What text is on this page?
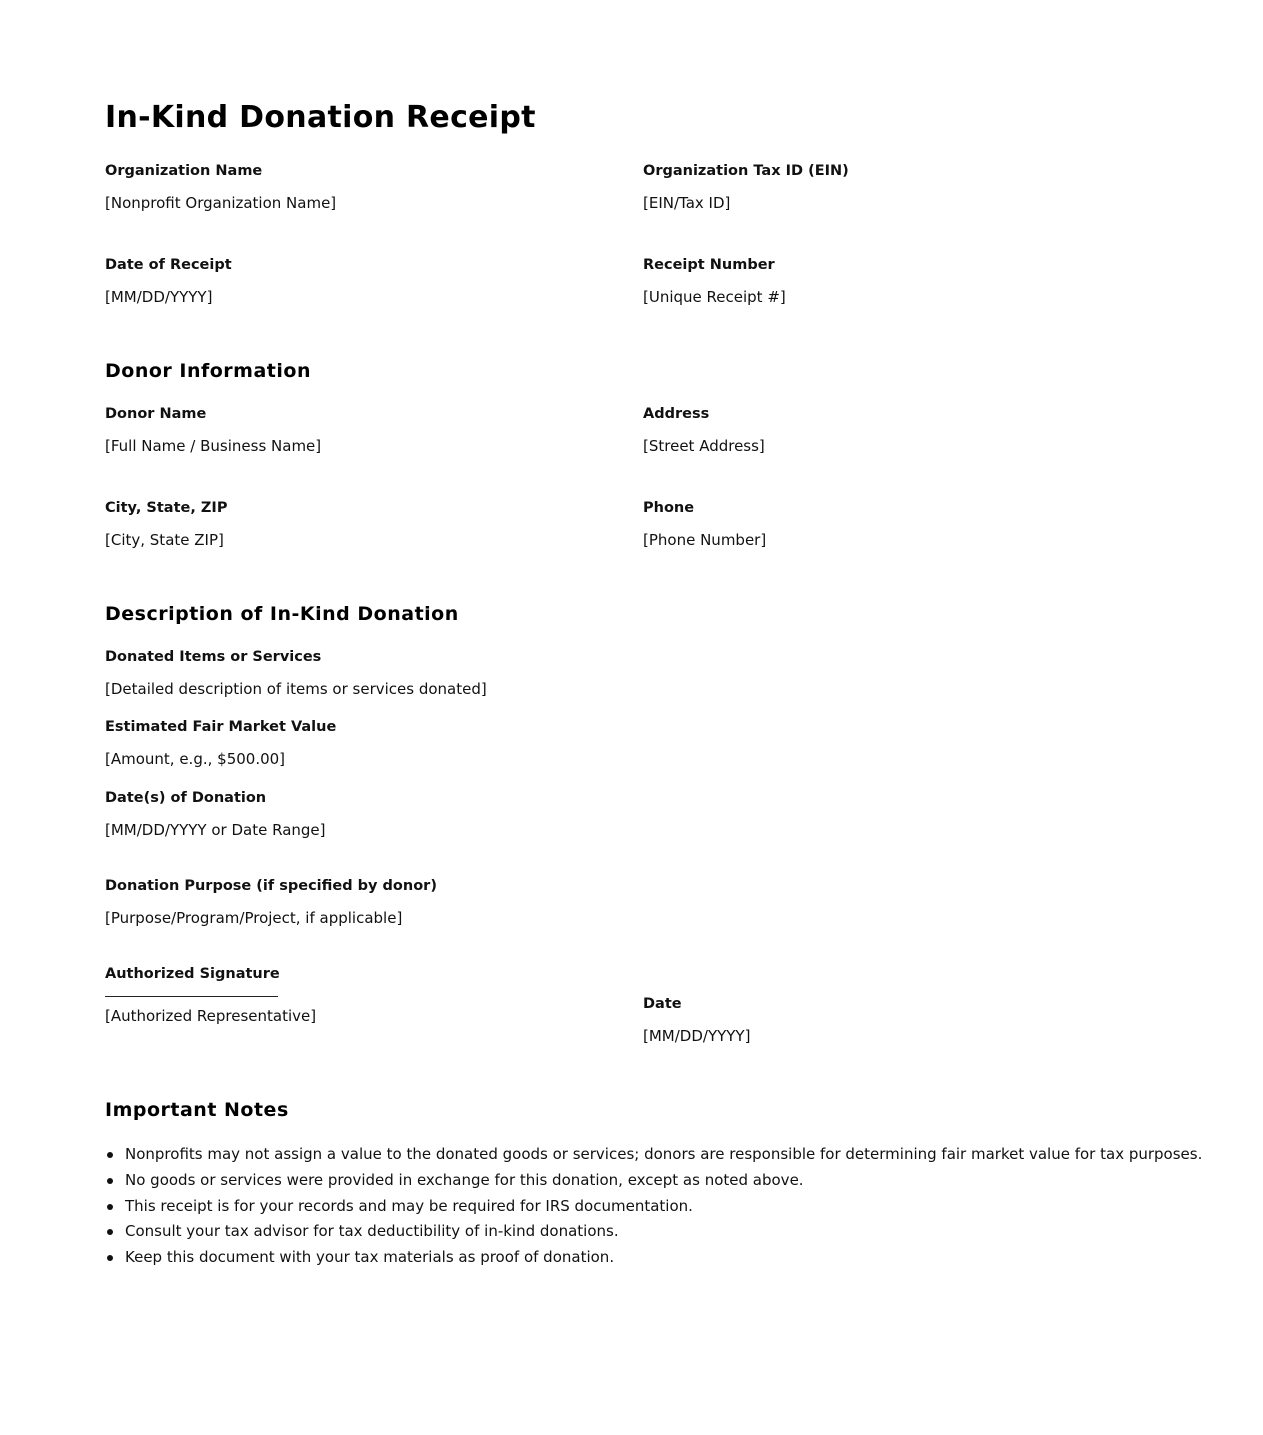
In-Kind Donation Receipt
Organization Name
[Nonprofit Organization Name]
Organization Tax ID (EIN)
[EIN/Tax ID]
Date of Receipt
[MM/DD/YYYY]
Receipt Number
[Unique Receipt #]
Donor Information
Donor Name
[Full Name / Business Name]
Address
[Street Address]
City, State, ZIP
[City, State ZIP]
Phone
[Phone Number]
Description of In-Kind Donation
Donated Items or Services
[Detailed description of items or services donated]
Estimated Fair Market Value
[Amount, e.g., $500.00]
Date(s) of Donation
[MM/DD/YYYY or Date Range]
Donation Purpose (if specified by donor)
[Purpose/Program/Project, if applicable]
Authorized Signature
[Authorized Representative]
Date
[MM/DD/YYYY]
Important Notes
Nonprofits may not assign a value to the donated goods or services; donors are responsible for determining fair market value for tax purposes.
No goods or services were provided in exchange for this donation, except as noted above.
This receipt is for your records and may be required for IRS documentation.
Consult your tax advisor for tax deductibility of in-kind donations.
Keep this document with your tax materials as proof of donation.
